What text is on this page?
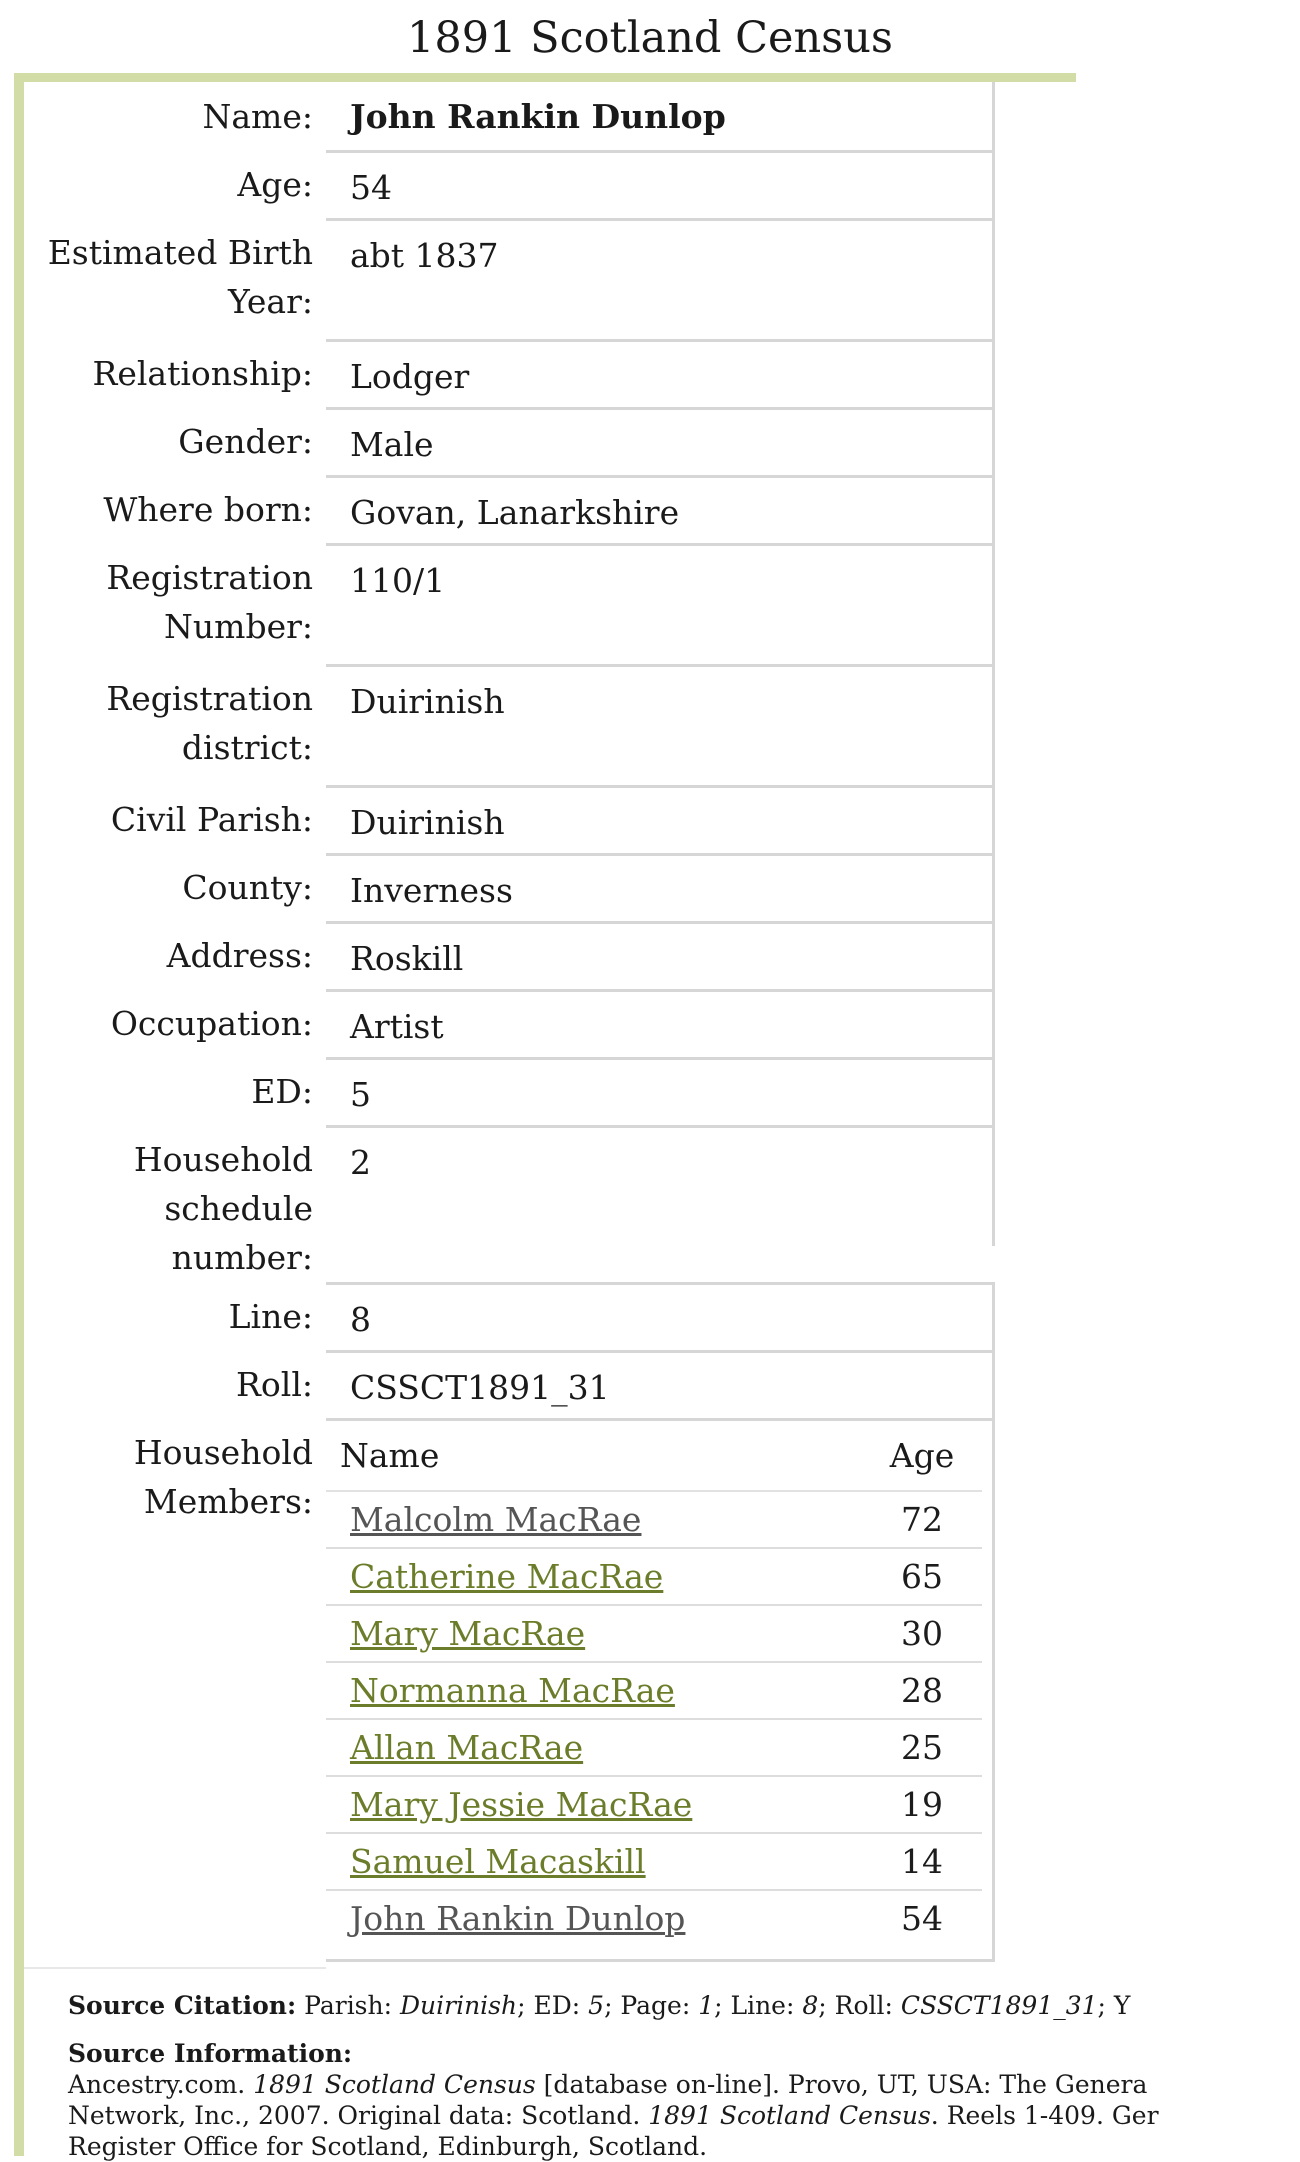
1891 Scotland Census
Name:	John Rankin Dunlop
Age:	54
Estimated Birth Year:
abt 1837
Relationship:	Lodger
Gender:	Male
Where born:	Govan, Lanarkshire
Registration Number:
110/1
Registration district:
Duirinish
Civil Parish:	Duirinish
County:	Inverness
Address:	Roskill
Occupation:	Artist
ED:	5
Household schedule number:
2
Line:	8
Roll:	CSSCT1891_31
Household Members:
Name	Age
Malcolm MacRae	72
Catherine MacRae	65
Mary MacRae	30
Normanna MacRae	28
Allan MacRae	25
Mary Jessie MacRae	19
Samuel Macaskill	14
John Rankin Dunlop	54
Source Citation: Parish: Duirinish; ED: 5; Page: 1; Line: 8; Roll: CSSCT1891_31; Y
Source Information:
Ancestry.com. 1891 Scotland Census [database on-line]. Provo, UT, USA: The Genera
Network, Inc., 2007. Original data: Scotland. 1891 Scotland Census. Reels 1-409. Ger
Register Office for Scotland, Edinburgh, Scotland.
